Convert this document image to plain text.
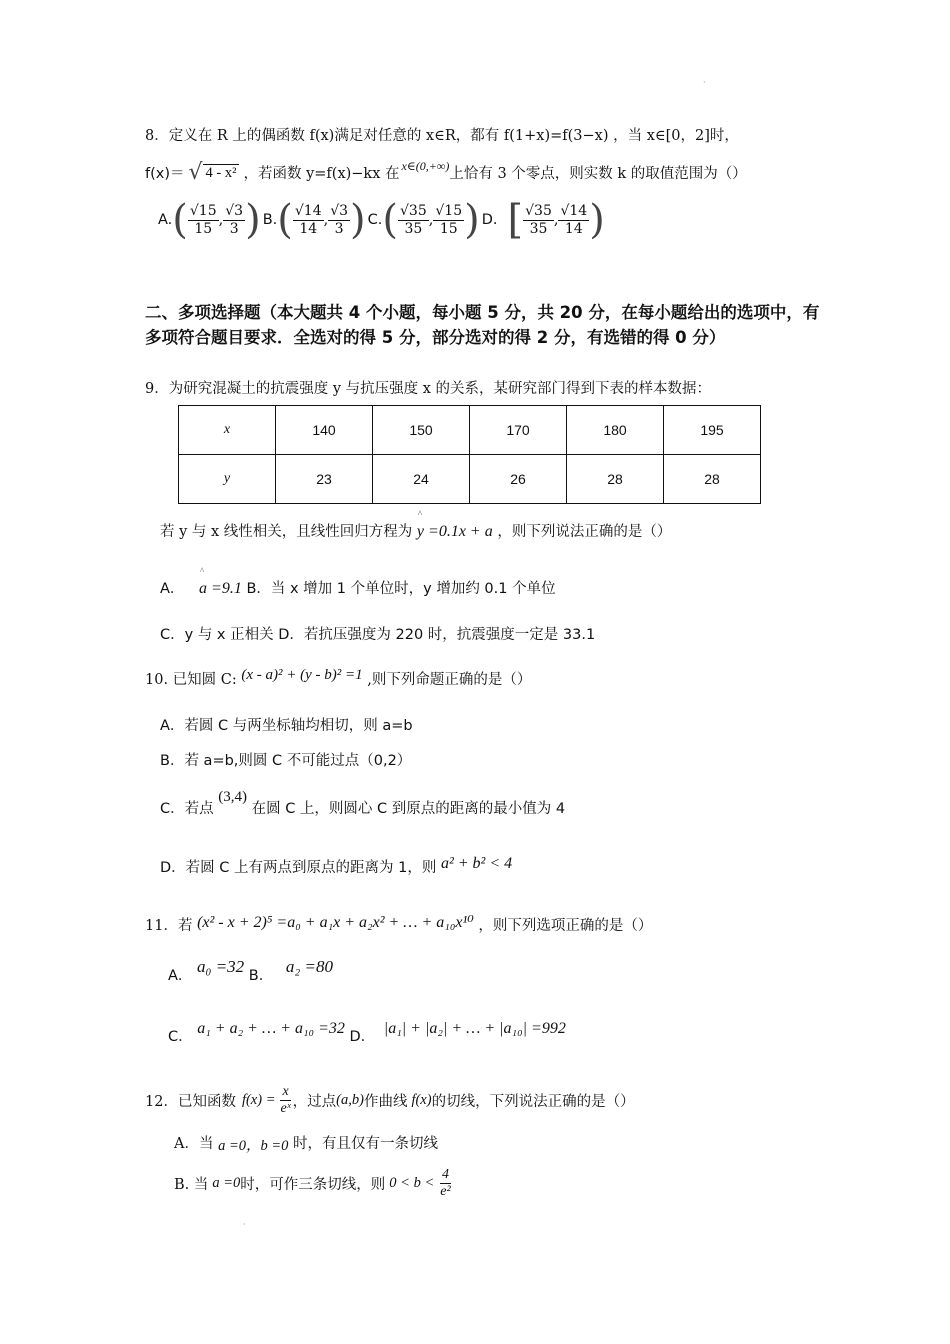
·
·
8．定义在 R 上的偶函数 f(x)满足对任意的 x∈R，都有 f(1+x)=f(3−x) ，当 x∈[0，2]时，
f(x)＝ √ 4 - x² ，若函数 y=f(x)−kx 在 x∈(0,+∞) 上恰有 3 个零点，则实数 k 的取值范围为（）
A. ( $\frac{√15}{15}$ , $\frac{√3}{3}$ ) B. ( $\frac{√14}{14}$ , $\frac{√3}{3}$ ) C. ( $\frac{√35}{35}$ , $\frac{√15}{15}$ ) D. [ $\frac{√35}{35}$ , $\frac{√14}{14}$ )
二、多项选择题（本大题共 4 个小题，每小题 5 分，共 20 分，在每小题给出的选项中，有多项符合题目要求．全选对的得 5 分，部分选对的得 2 分，有选错的得 0 分）
9．为研究混凝土的抗震强度 y 与抗压强度 x 的关系，某研究部门得到下表的样本数据：
x	140	150	170	180	195
y	23	24	26	28	28
若 y 与 x 线性相关，且线性回归方程为 ^ y =0.1x + a ，则下列说法正确的是（）
A． ^ a =9.1 B．当 x 增加 1 个单位时，y 增加约 0.1 个单位
C．y 与 x 正相关 D．若抗压强度为 220 时，抗震强度一定是 33.1
10. 已知圆 C: (x - a)² + (y - b)² =1 ,则下列命题正确的是（）
A．若圆 C 与两坐标轴均相切，则 a=b
B．若 a=b,则圆 C 不可能过点（0,2）
C．若点 (3,4) 在圆 C 上，则圆心 C 到原点的距离的最小值为 4
D．若圆 C 上有两点到原点的距离为 1，则 a² + b² < 4
11．若 (x² - x + 2)⁵ =a₀ + a₁x + a₂x² + … + a₁₀x¹⁰ ，则下列选项正确的是（）
A． a₀ =32 B． a₂ =80
C． a₁ + a₂ + … + a₁₀ =32 D． |a₁| + |a₂| + … + |a₁₀| =992
12．已知函数 $f(x) = \frac{x}{\text{eˣ}}$ ，过点 (a,b) 作曲线 f(x) 的切线，下列说法正确的是（）
A．当 a =0，b =0 时，有且仅有一条切线
B. 当 a =0 时，可作三条切线，则 $0 < b < \frac{4}{\text{e²}}$
